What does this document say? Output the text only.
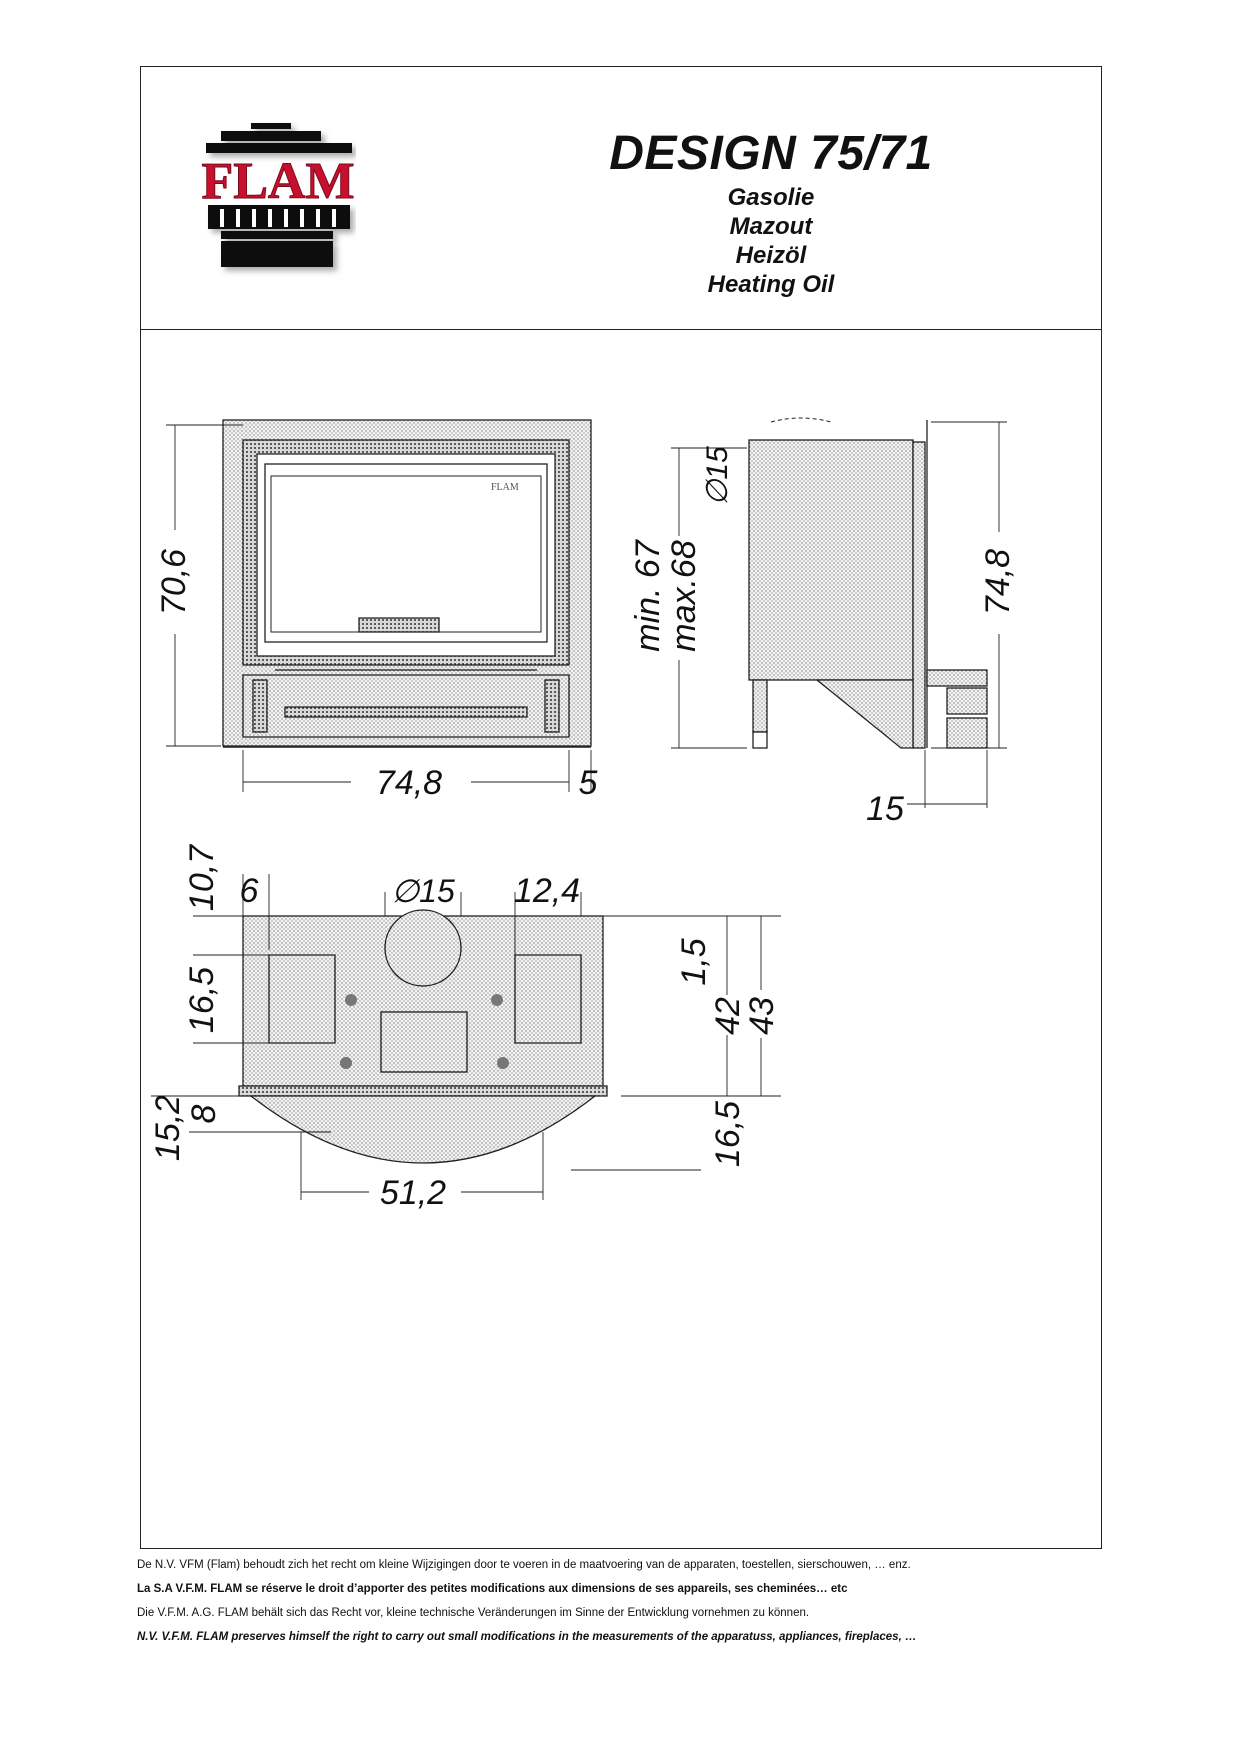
FLAM	DESIGN 75/71
Gasolie
Mazout
Heizöl
Heating Oil
FLAM
70,6
74,8	5
min. 67
max.68
∅15
74,8
15
10,7 6	∅15 12,4
16,5
1,5
42
43
15,2
8	16,5
51,2
De N.V. VFM (Flam) behoudt zich het recht om kleine Wijzigingen door te voeren in de maatvoering van de apparaten, toestellen, sierschouwen, … enz.
La S.A V.F.M. FLAM se réserve le droit d’apporter des petites modifications aux dimensions de ses appareils, ses cheminées… etc
Die V.F.M. A.G. FLAM behält sich das Recht vor, kleine technische Veränderungen im Sinne der Entwicklung vornehmen zu können.
N.V. V.F.M. FLAM preserves himself the right to carry out small modifications in the measurements of the apparatuss, appliances, fireplaces, …
